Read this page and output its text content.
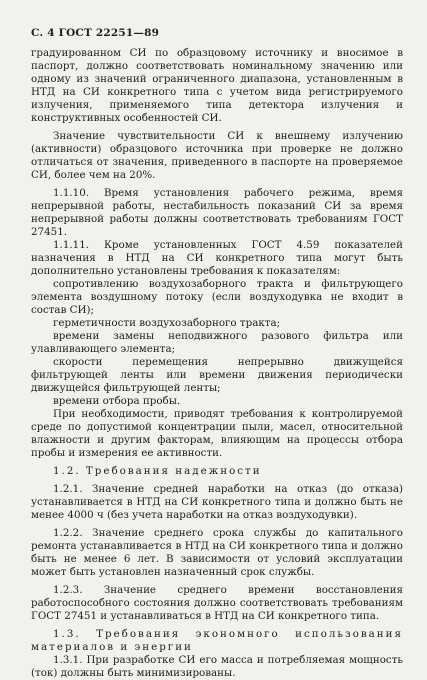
С. 4 ГОСТ 22251—89

градуированном СИ по образцовому источнику и вносимое в паспорт, должно соответствовать номинальному значению или одному из значений ограниченного диапазона, установленным в НТД на СИ конкретного типа с учетом вида регистрируемого излучения, применяемого типа детектора излучения и конструктивных особенностей СИ.

Значение чувствительности СИ к внешнему излучению (активности) образцового источника при проверке не должно отличаться от значения, приведенного в паспорте на проверяемое СИ, более чем на 20%.

1.1.10. Время установления рабочего режима, время непрерывной работы, нестабильность показаний СИ за время непрерывной работы должны соответствовать требованиям ГОСТ 27451.

1.1.11. Кроме установленных ГОСТ 4.59 показателей назначения в НТД на СИ конкретного типа могут быть дополнительно установлены требования к показателям:

сопротивлению воздухозаборного тракта и фильтрующего элемента воздушному потоку (если воздуходувка не входит в состав СИ);

герметичности воздухозаборного тракта;

времени замены неподвижного разового фильтра или улавливающего элемента;

скорости перемещения непрерывно движущейся фильтрующей ленты или времени движения периодически движущейся фильтрующей ленты;

времени отбора пробы.

При необходимости, приводят требования к контролируемой среде по допустимой концентрации пыли, масел, относительной влажности и другим факторам, влияющим на процессы отбора пробы и измерения ее активности.

1.2. Требования надежности

1.2.1. Значение средней наработки на отказ (до отказа) устанавливается в НТД на СИ конкретного типа и должно быть не менее 4000 ч (без учета наработки на отказ воздуходувки).

1.2.2. Значение среднего срока службы до капитального ремонта устанавливается в НТД на СИ конкретного типа и должно быть не менее 6 лет. В зависимости от условий эксплуатации может быть установлен назначенный срок службы.

1.2.3. Значение среднего времени восстановления работоспособного состояния должно соответствовать требованиям ГОСТ 27451 и устанавливаться в НТД на СИ конкретного типа.

1.3. Требования экономного использования материалов и энергии

1.3.1. При разработке СИ его масса и потребляемая мощность (ток) должны быть минимизированы.
